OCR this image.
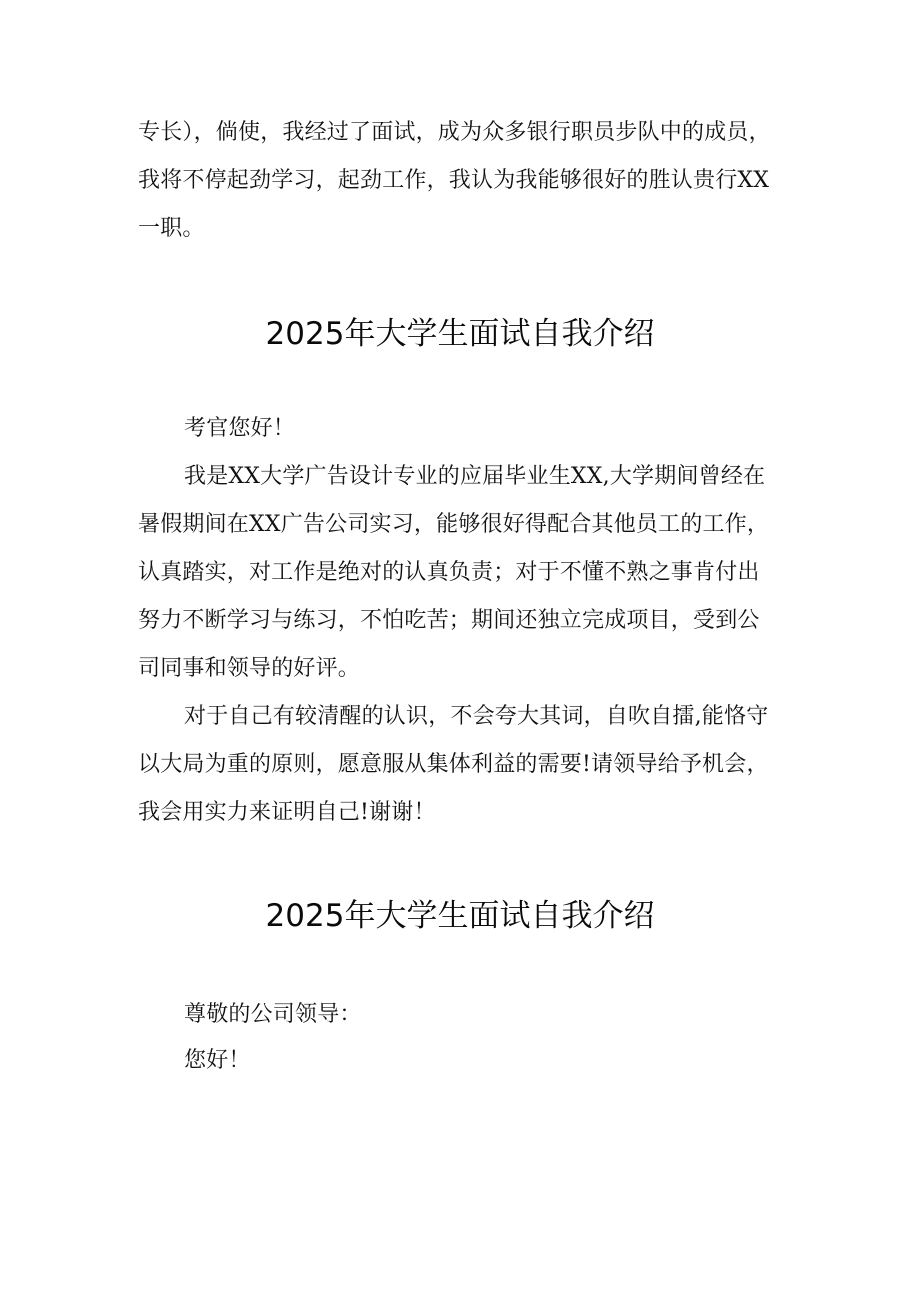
专长），倘使，我经过了面试，成为众多银行职员步队中的成员，
我将不停起劲学习，起劲工作，我认为我能够很好的胜认贵行XX
一职。
2025年大学生面试自我介绍
考官您好！
我是XX大学广告设计专业的应届毕业生XX,大学期间曾经在
暑假期间在XX广告公司实习，能够很好得配合其他员工的工作，
认真踏实，对工作是绝对的认真负责；对于不懂不熟之事肯付出
努力不断学习与练习，不怕吃苦；期间还独立完成项目，受到公
司同事和领导的好评。
对于自己有较清醒的认识，不会夸大其词，自吹自擂,能恪守
以大局为重的原则，愿意服从集体利益的需要!请领导给予机会，
我会用实力来证明自己!谢谢！
2025年大学生面试自我介绍
尊敬的公司领导：
您好！
